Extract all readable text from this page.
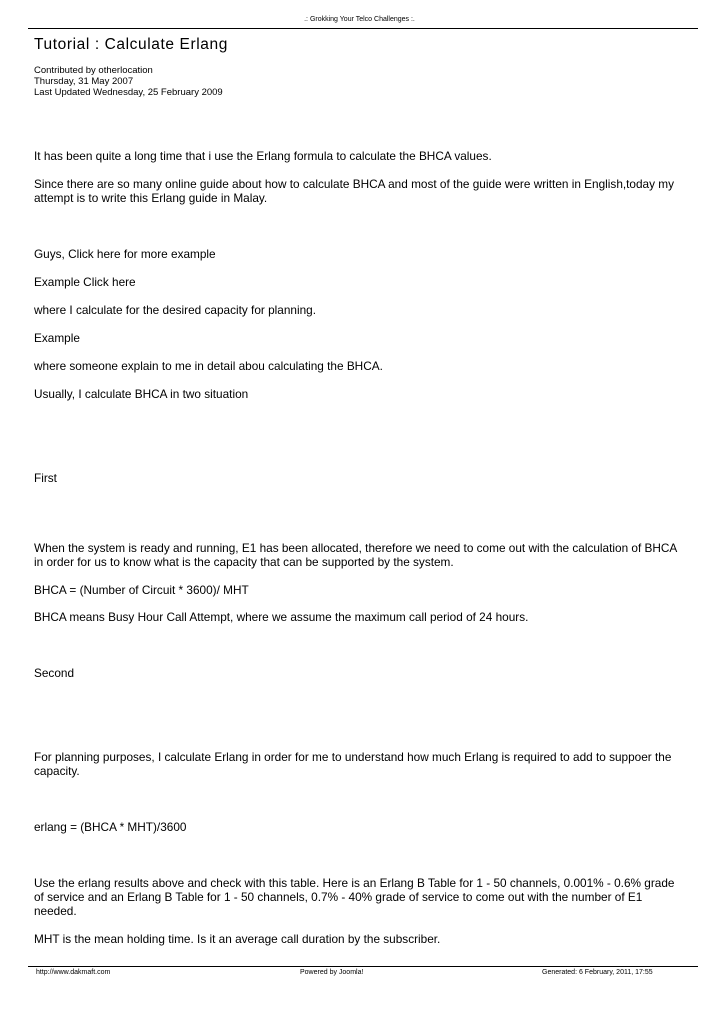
.: Grokking Your Telco Challenges :.
Tutorial : Calculate Erlang
Contributed by otherlocation
Thursday, 31 May 2007
Last Updated Wednesday, 25 February 2009

It has been quite a long time that i use the Erlang formula to calculate the BHCA values.

Since there are so many online guide about how to calculate BHCA and most of the guide were written in English,today my attempt is to write this Erlang guide in Malay.

Guys, Click here for more example

Example Click here

where I calculate for the desired capacity for planning.

Example

where someone explain to me in detail abou calculating the BHCA.

Usually, I calculate BHCA in two situation

First

When the system is ready and running, E1 has been allocated, therefore we need to come out with the calculation of BHCA in order for us to know what is the capacity that can be supported by the system.

BHCA = (Number of Circuit * 3600)/ MHT

BHCA means Busy Hour Call Attempt, where we assume the maximum call period of 24 hours.

Second

For planning purposes, I calculate Erlang in order for me to understand how much Erlang is required to add to suppoer the capacity.

erlang = (BHCA * MHT)/3600

Use the erlang results above and check with this table. Here is an Erlang B Table for 1 - 50 channels, 0.001% - 0.6% grade of service and an Erlang B Table for 1 - 50 channels, 0.7% - 40% grade of service to come out with the number of E1 needed.

MHT is the mean holding time. Is it an average call duration by the subscriber.

http://www.dakmaft.com	Powered by Joomla!	Generated: 6 February, 2011, 17:55
